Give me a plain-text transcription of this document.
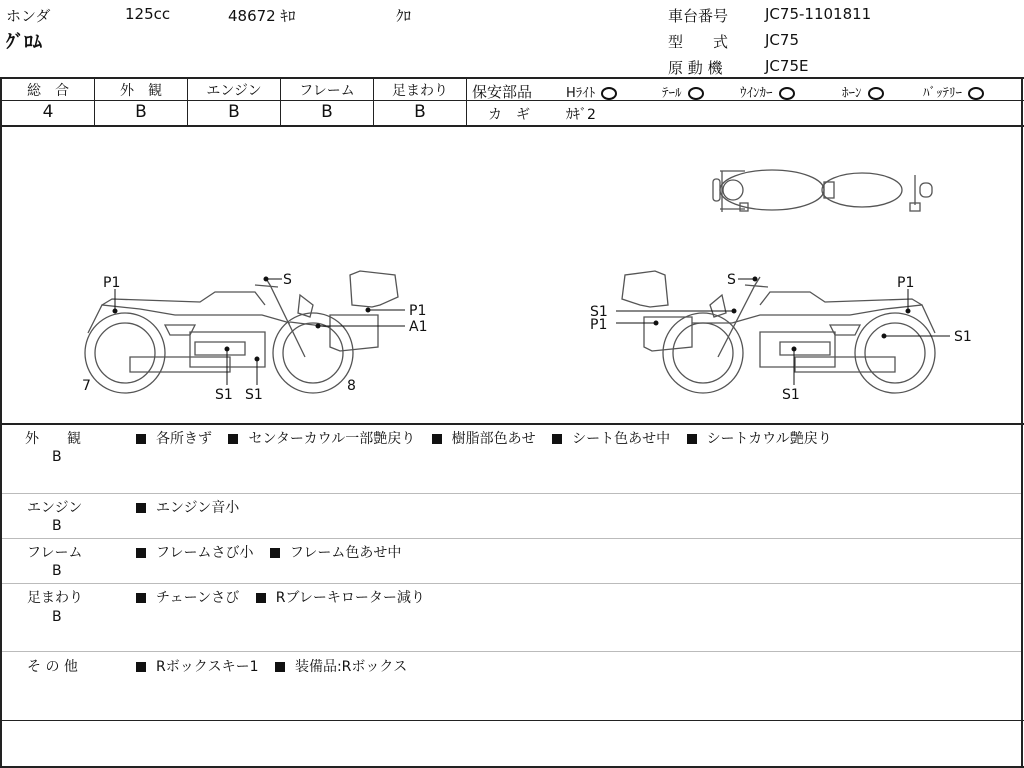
ホンダ	125cc	48672 ｷﾛ	ｸﾛ
ｸﾞﾛﾑ
車台番号 JC75-1101811
型　　式 JC75
原 動 機	JC75E
総　合
4
外　観
B
エンジン
B
フレーム
B
足まわり
B
保安部品	Hﾗｲﾄ	ﾃｰﾙ	ｳｲﾝｶｰ	ﾎｰﾝ	ﾊﾞｯﾃﾘｰ
カ　ギ	ｶｷﾞ2
P1	S
P1
A1
7
S1 S1
8
S	P1
S1
P1
S1
S1
外　　観
B
各所きず	センターカウル一部艶戻り	樹脂部色あせ	シート色あせ中	シートカウル艶戻り
エンジン
B
エンジン音小
フレーム
B
フレームさび小	フレーム色あせ中
足まわり
B
チェーンさび	Rブレーキローター減り
そ の 他	Rボックスキー1	装備品:Rボックス
